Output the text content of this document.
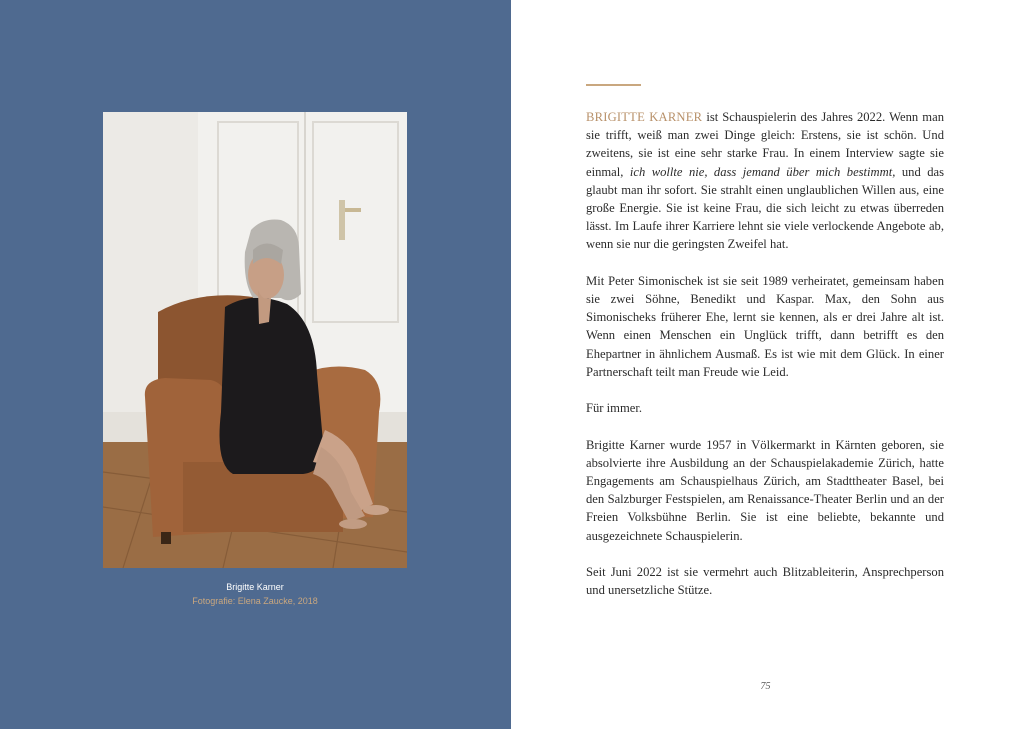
Brigitte Karner
Fotografie: Elena Zaucke, 2018

BRIGITTE KARNER ist Schauspielerin des Jahres 2022. Wenn man sie trifft, weiß man zwei Dinge gleich: Erstens, sie ist schön. Und zweitens, sie ist eine sehr starke Frau. In einem Interview sagte sie einmal, ich wollte nie, dass jemand über mich bestimmt, und das glaubt man ihr sofort. Sie strahlt einen unglaublichen Willen aus, eine große Energie. Sie ist keine Frau, die sich leicht zu etwas überreden lässt. Im Laufe ihrer Karriere lehnt sie viele verlockende Angebote ab, wenn sie nur die geringsten Zweifel hat.

Mit Peter Simonischek ist sie seit 1989 verheiratet, gemeinsam haben sie zwei Söhne, Benedikt und Kaspar. Max, den Sohn aus Simonischeks früherer Ehe, lernt sie kennen, als er drei Jahre alt ist. Wenn einen Menschen ein Unglück trifft, dann betrifft es den Ehepartner in ähnlichem Ausmaß. Es ist wie mit dem Glück. In einer Partnerschaft teilt man Freude wie Leid.

Für immer.

Brigitte Karner wurde 1957 in Völkermarkt in Kärnten geboren, sie absolvierte ihre Ausbildung an der Schauspielakademie Zürich, hatte Engagements am Schauspielhaus Zürich, am Stadttheater Basel, bei den Salzburger Festspielen, am Renaissance-Theater Berlin und an der Freien Volksbühne Berlin. Sie ist eine beliebte, bekannte und ausgezeichnete Schauspielerin.

Seit Juni 2022 ist sie vermehrt auch Blitzableiterin, Ansprechperson und unersetzliche Stütze.

75
